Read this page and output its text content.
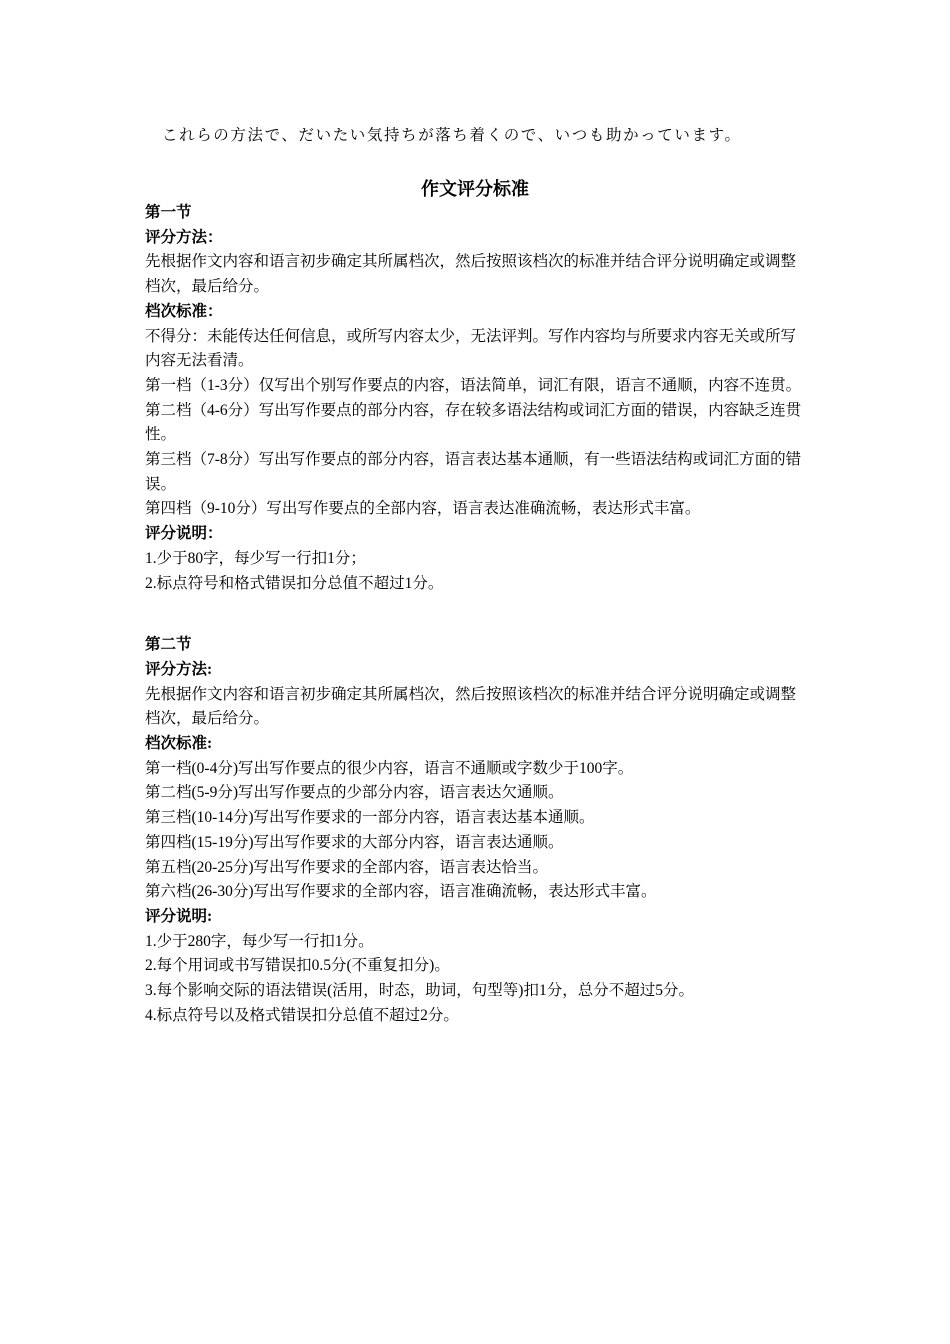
これらの方法で、だいたい気持ちが落ち着くので、いつも助かっています。
作文评分标准

第一节

评分方法：

先根据作文内容和语言初步确定其所属档次，然后按照该档次的标准并结合评分说明确定或调整档次，最后给分。

档次标准：

不得分：未能传达任何信息，或所写内容太少，无法评判。写作内容均与所要求内容无关或所写内容无法看清。

第一档（1-3分）仅写出个别写作要点的内容，语法简单，词汇有限，语言不通顺，内容不连贯。

第二档（4-6分）写出写作要点的部分内容，存在较多语法结构或词汇方面的错误，内容缺乏连贯性。

第三档（7-8分）写出写作要点的部分内容，语言表达基本通顺，有一些语法结构或词汇方面的错误。

第四档（9-10分）写出写作要点的全部内容，语言表达准确流畅，表达形式丰富。

评分说明：

1.少于80字，每少写一行扣1分；

2.标点符号和格式错误扣分总值不超过1分。

第二节

评分方法:

先根据作文内容和语言初步确定其所属档次，然后按照该档次的标准并结合评分说明确定或调整档次，最后给分。

档次标准:

第一档(0-4分)写出写作要点的很少内容，语言不通顺或字数少于100字。

第二档(5-9分)写出写作要点的少部分内容，语言表达欠通顺。

第三档(10-14分)写出写作要求的一部分内容，语言表达基本通顺。

第四档(15-19分)写出写作要求的大部分内容，语言表达通顺。

第五档(20-25分)写出写作要求的全部内容，语言表达恰当。

第六档(26-30分)写出写作要求的全部内容，语言准确流畅，表达形式丰富。

评分说明:

1.少于280字，每少写一行扣1分。

2.每个用词或书写错误扣0.5分(不重复扣分)。

3.每个影响交际的语法错误(活用，时态，助词，句型等)扣1分，总分不超过5分。

4.标点符号以及格式错误扣分总值不超过2分。
